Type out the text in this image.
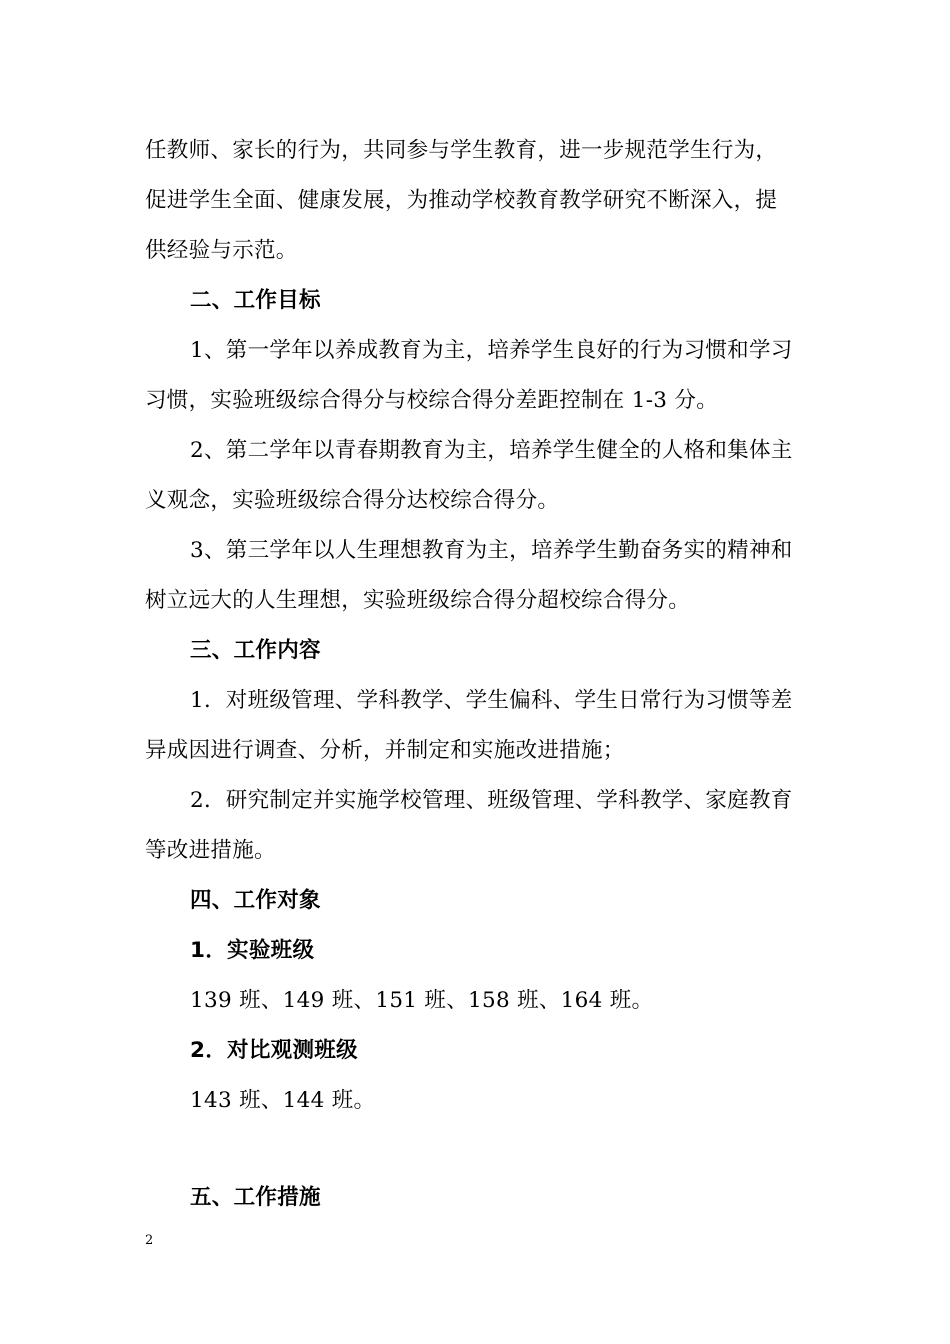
任教师、家长的行为，共同参与学生教育，进一步规范学生行为，
促进学生全面、健康发展，为推动学校教育教学研究不断深入，提
供经验与示范。
二、工作目标
1、第一学年以养成教育为主，培养学生良好的行为习惯和学习
习惯，实验班级综合得分与校综合得分差距控制在 1-3 分。
2、第二学年以青春期教育为主，培养学生健全的人格和集体主
义观念，实验班级综合得分达校综合得分。
3、第三学年以人生理想教育为主，培养学生勤奋务实的精神和
树立远大的人生理想，实验班级综合得分超校综合得分。
三、工作内容
1．对班级管理、学科教学、学生偏科、学生日常行为习惯等差
异成因进行调查、分析，并制定和实施改进措施；
2．研究制定并实施学校管理、班级管理、学科教学、家庭教育
等改进措施。
四、工作对象
1．实验班级
139 班、149 班、151 班、158 班、164 班。
2．对比观测班级
143 班、144 班。
五、工作措施
2
